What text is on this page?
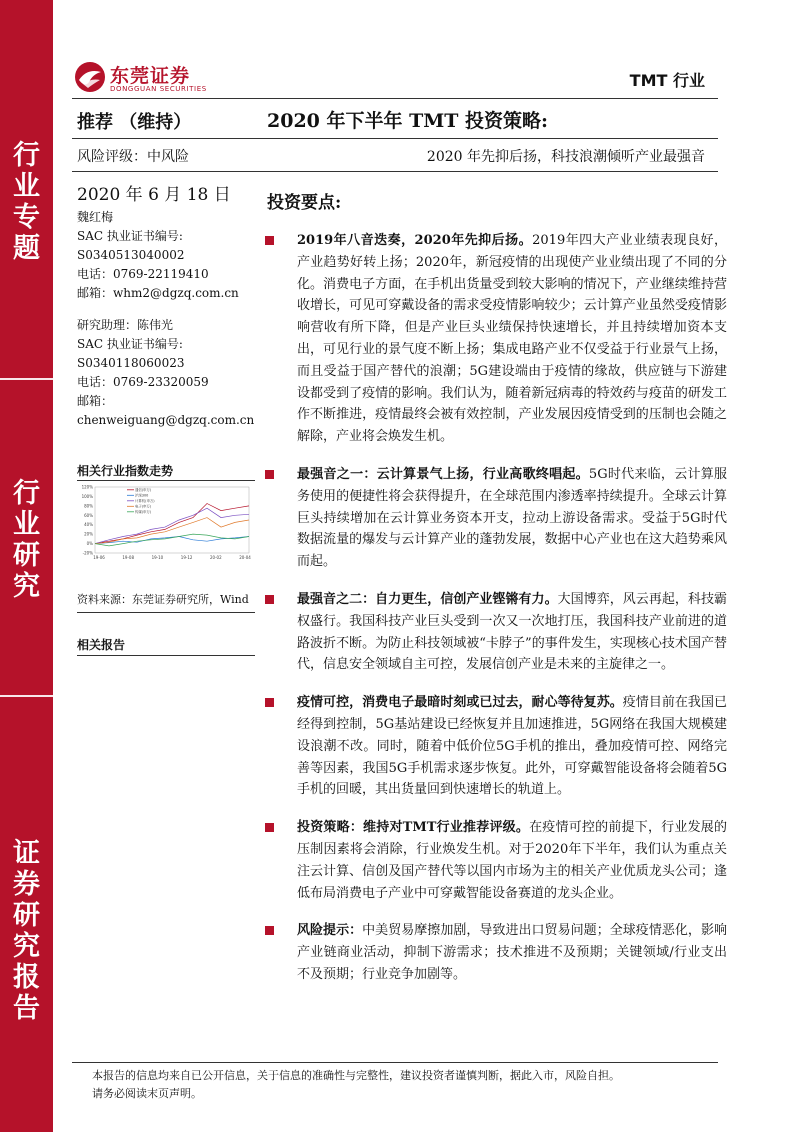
行
业
专
题
行
业
研
究
证
券
研
究
报
告
东莞证券
DONGGUAN SECURITIES	TMT 行业
推荐 （维持）	2020 年下半年 TMT 投资策略:
风险评级：中风险	2020 年先抑后扬，科技浪潮倾听产业最强音
2020 年 6 月 18 日 投资要点:
魏红梅
SAC 执业证书编号:
S0340513040002
电话：0769-22119410
邮箱：whm2@dgzq.com.cn
研究助理：陈伟光
SAC 执业证书编号:
S0340118060023
电话：0769-23320059
邮箱：
chenweiguang@dgzq.com.cn
相关行业指数走势
120%
100%
80%
60%
40%
20%
0%
-20%
19-06	19-08	19-10	19-12	20-02	20-04
通信(申万)
沪深300
计算机(申万)
电子(申万)
传媒(申万)
资料来源：东莞证券研究所，Wind
相关报告
2019年八音迭奏，2020年先抑后扬。2019年四大产业业绩表现良好，产业趋势好转上扬；2020年，新冠疫情的出现使产业业绩出现了不同的分化。消费电子方面，在手机出货量受到较大影响的情况下，产业继续维持营收增长，可见可穿戴设备的需求受疫情影响较少；云计算产业虽然受疫情影响营收有所下降，但是产业巨头业绩保持快速增长，并且持续增加资本支出，可见行业的景气度不断上扬；集成电路产业不仅受益于行业景气上扬，而且受益于国产替代的浪潮；5G建设端由于疫情的缘故，供应链与下游建设都受到了疫情的影响。我们认为，随着新冠病毒的特效药与疫苗的研发工作不断推进，疫情最终会被有效控制，产业发展因疫情受到的压制也会随之解除，产业将会焕发生机。
最强音之一：云计算景气上扬，行业高歌终唱起。5G时代来临，云计算服务使用的便捷性将会获得提升，在全球范围内渗透率持续提升。全球云计算巨头持续增加在云计算业务资本开支，拉动上游设备需求。受益于5G时代数据流量的爆发与云计算产业的蓬勃发展，数据中心产业也在这大趋势乘风而起。
最强音之二：自力更生，信创产业铿锵有力。大国博弈，风云再起，科技霸权盛行。我国科技产业巨头受到一次又一次地打压，我国科技产业前进的道路波折不断。为防止科技领域被“卡脖子”的事件发生，实现核心技术国产替代，信息安全领域自主可控，发展信创产业是未来的主旋律之一。
疫情可控，消费电子最暗时刻或已过去，耐心等待复苏。疫情目前在我国已经得到控制，5G基站建设已经恢复并且加速推进，5G网络在我国大规模建设浪潮不改。同时，随着中低价位5G手机的推出，叠加疫情可控、网络完善等因素，我国5G手机需求逐步恢复。此外，可穿戴智能设备将会随着5G手机的回暖，其出货量回到快速增长的轨道上。
投资策略：维持对TMT行业推荐评级。在疫情可控的前提下，行业发展的压制因素将会消除，行业焕发生机。对于2020年下半年，我们认为重点关注云计算、信创及国产替代等以国内市场为主的相关产业优质龙头公司；逢低布局消费电子产业中可穿戴智能设备赛道的龙头企业。
风险提示：中美贸易摩擦加剧，导致进出口贸易问题；全球疫情恶化，影响产业链商业活动，抑制下游需求；技术推进不及预期；关键领域/行业支出不及预期；行业竞争加剧等。
本报告的信息均来自已公开信息，关于信息的准确性与完整性，建议投资者谨慎判断，据此入市，风险自担。
请务必阅读末页声明。
